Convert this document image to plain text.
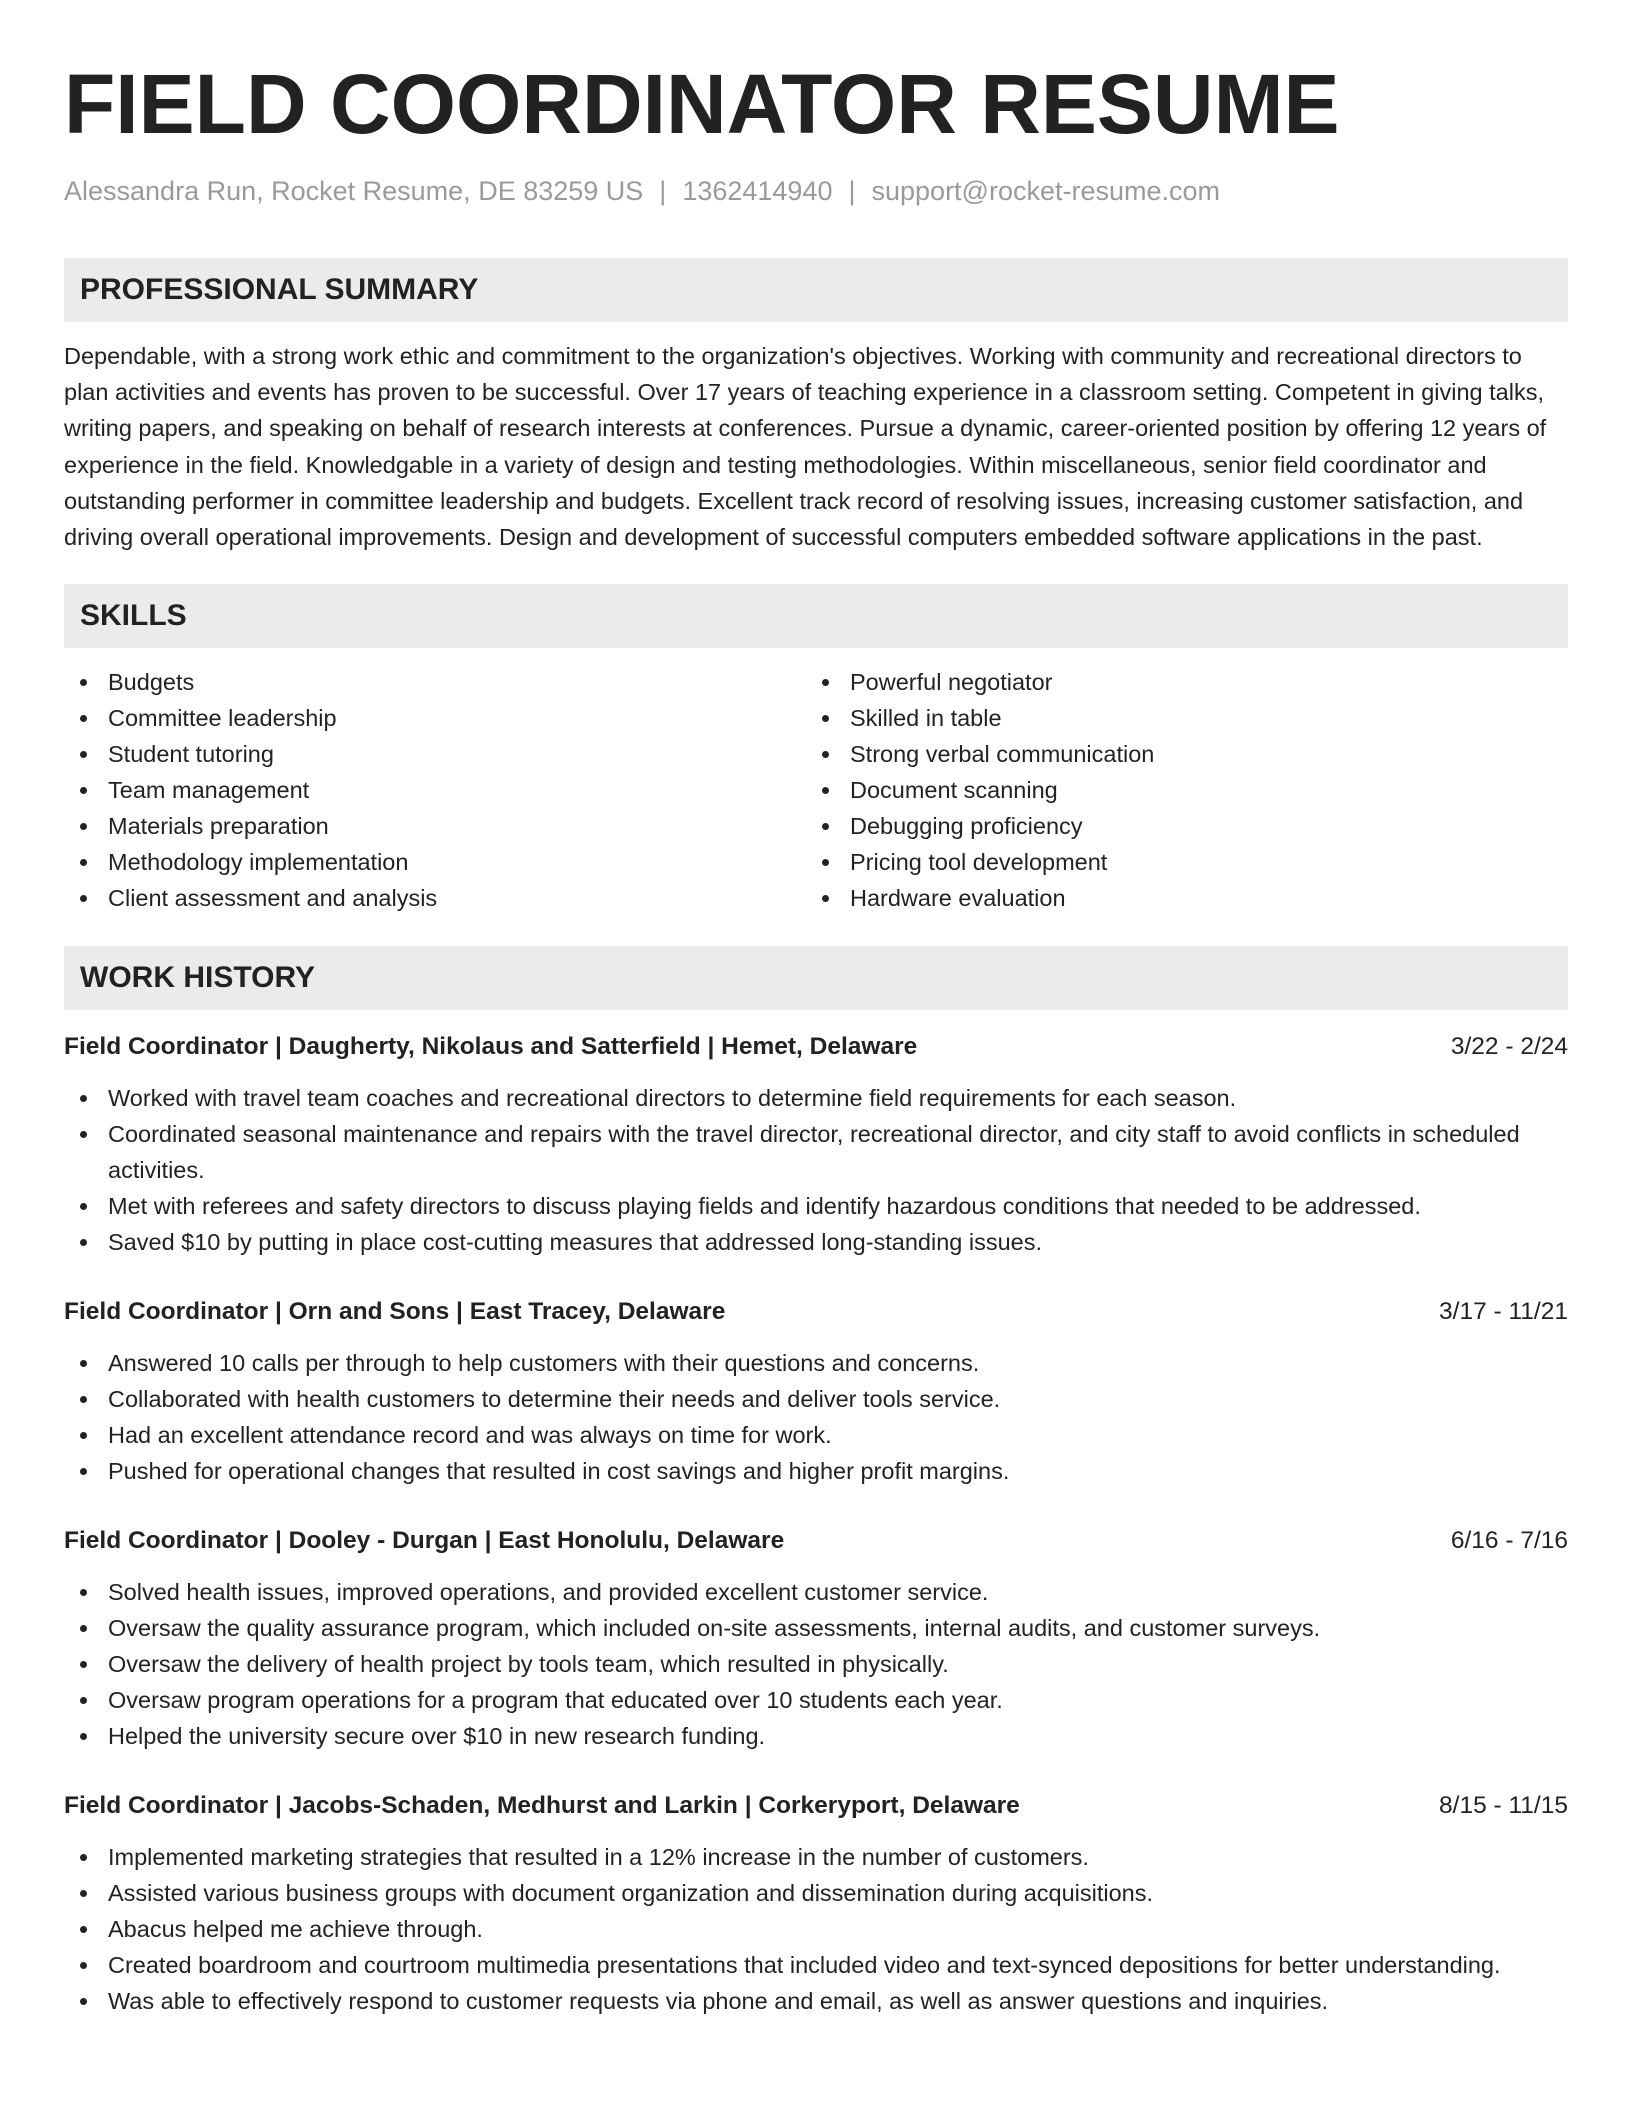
FIELD COORDINATOR RESUME
Alessandra Run, Rocket Resume, DE 83259 US | 1362414940 | support@rocket-resume.com
PROFESSIONAL SUMMARY

Dependable, with a strong work ethic and commitment to the organization's objectives. Working with community and recreational directors to plan activities and events has proven to be successful. Over 17 years of teaching experience in a classroom setting. Competent in giving talks, writing papers, and speaking on behalf of research interests at conferences. Pursue a dynamic, career-oriented position by offering 12 years of experience in the field. Knowledgable in a variety of design and testing methodologies. Within miscellaneous, senior field coordinator and outstanding performer in committee leadership and budgets. Excellent track record of resolving issues, increasing customer satisfaction, and driving overall operational improvements. Design and development of successful computers embedded software applications in the past.

SKILLS
Budgets
Committee leadership
Student tutoring
Team management
Materials preparation
Methodology implementation
Client assessment and analysis
Powerful negotiator
Skilled in table
Strong verbal communication
Document scanning
Debugging proficiency
Pricing tool development
Hardware evaluation
WORK HISTORY
Field Coordinator | Daugherty, Nikolaus and Satterfield | Hemet, Delaware	3/22 - 2/24
Worked with travel team coaches and recreational directors to determine field requirements for each season.
Coordinated seasonal maintenance and repairs with the travel director, recreational director, and city staff to avoid conflicts in scheduled activities.
Met with referees and safety directors to discuss playing fields and identify hazardous conditions that needed to be addressed.
Saved $10 by putting in place cost-cutting measures that addressed long-standing issues.
Field Coordinator | Orn and Sons | East Tracey, Delaware	3/17 - 11/21
Answered 10 calls per through to help customers with their questions and concerns.
Collaborated with health customers to determine their needs and deliver tools service.
Had an excellent attendance record and was always on time for work.
Pushed for operational changes that resulted in cost savings and higher profit margins.
Field Coordinator | Dooley - Durgan | East Honolulu, Delaware	6/16 - 7/16
Solved health issues, improved operations, and provided excellent customer service.
Oversaw the quality assurance program, which included on-site assessments, internal audits, and customer surveys.
Oversaw the delivery of health project by tools team, which resulted in physically.
Oversaw program operations for a program that educated over 10 students each year.
Helped the university secure over $10 in new research funding.
Field Coordinator | Jacobs-Schaden, Medhurst and Larkin | Corkeryport, Delaware	8/15 - 11/15
Implemented marketing strategies that resulted in a 12% increase in the number of customers.
Assisted various business groups with document organization and dissemination during acquisitions.
Abacus helped me achieve through.
Created boardroom and courtroom multimedia presentations that included video and text-synced depositions for better understanding.
Was able to effectively respond to customer requests via phone and email, as well as answer questions and inquiries.
